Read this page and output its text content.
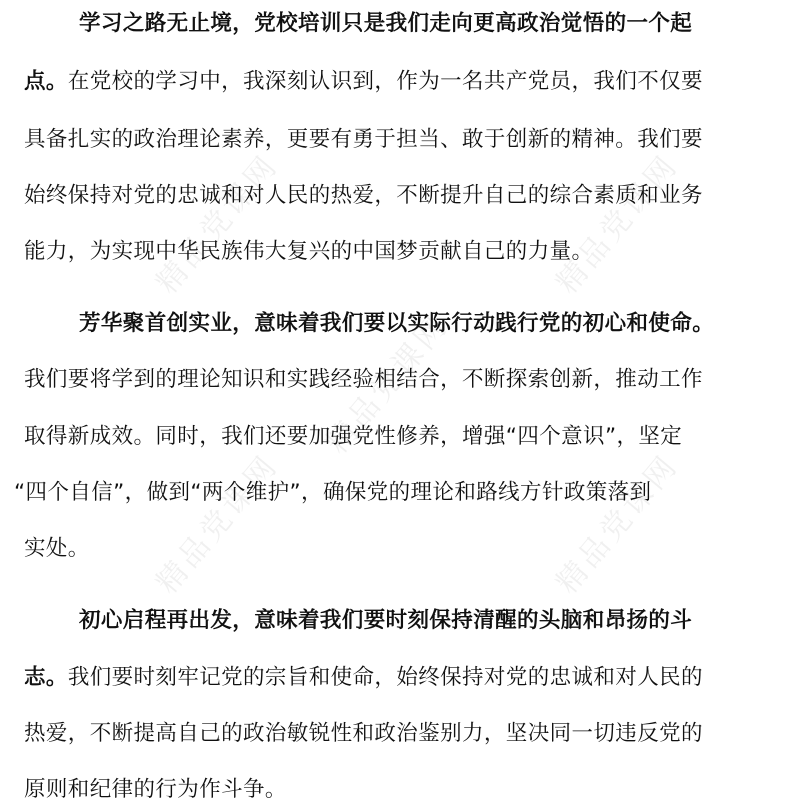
精品党课网	精品党课网
精品党课网
精品党课网	精品党课网
学习之路无止境，党校培训只是我们走向更高政治觉悟的一个起
点。在党校的学习中，我深刻认识到，作为一名共产党员，我们不仅要
具备扎实的政治理论素养，更要有勇于担当、敢于创新的精神。我们要
始终保持对党的忠诚和对人民的热爱，不断提升自己的综合素质和业务
能力，为实现中华民族伟大复兴的中国梦贡献自己的力量。
芳华聚首创实业，意味着我们要以实际行动践行党的初心和使命。
我们要将学到的理论知识和实践经验相结合，不断探索创新，推动工作
取得新成效。同时，我们还要加强党性修养，增强“四个意识”，坚定
“四个自信”，做到“两个维护”，确保党的理论和路线方针政策落到
实处。
初心启程再出发，意味着我们要时刻保持清醒的头脑和昂扬的斗
志。我们要时刻牢记党的宗旨和使命，始终保持对党的忠诚和对人民的
热爱，不断提高自己的政治敏锐性和政治鉴别力，坚决同一切违反党的
原则和纪律的行为作斗争。
